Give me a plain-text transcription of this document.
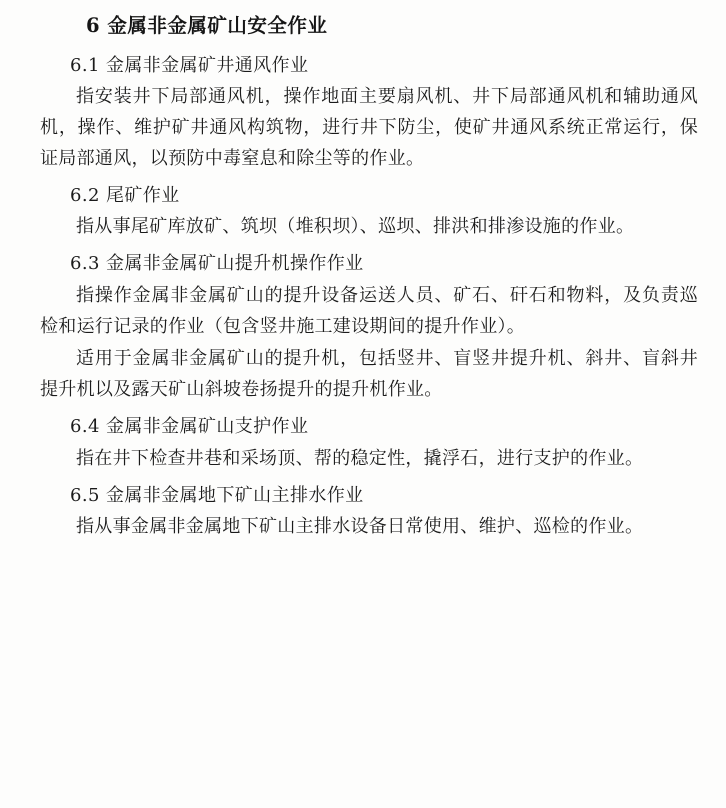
6 金属非金属矿山安全作业
6.1 金属非金属矿井通风作业

指安装井下局部通风机，操作地面主要扇风机、井下局部通风机和辅助通风机，操作、维护矿井通风构筑物，进行井下防尘，使矿井通风系统正常运行，保证局部通风，以预防中毒窒息和除尘等的作业。

6.2 尾矿作业

指从事尾矿库放矿、筑坝（堆积坝）、巡坝、排洪和排渗设施的作业。

6.3 金属非金属矿山提升机操作作业

指操作金属非金属矿山的提升设备运送人员、矿石、矸石和物料，及负责巡检和运行记录的作业（包含竖井施工建设期间的提升作业）。

适用于金属非金属矿山的提升机，包括竖井、盲竖井提升机、斜井、盲斜井提升机以及露天矿山斜坡卷扬提升的提升机作业。

6.4 金属非金属矿山支护作业

指在井下检查井巷和采场顶、帮的稳定性，撬浮石，进行支护的作业。

6.5 金属非金属地下矿山主排水作业

指从事金属非金属地下矿山主排水设备日常使用、维护、巡检的作业。
